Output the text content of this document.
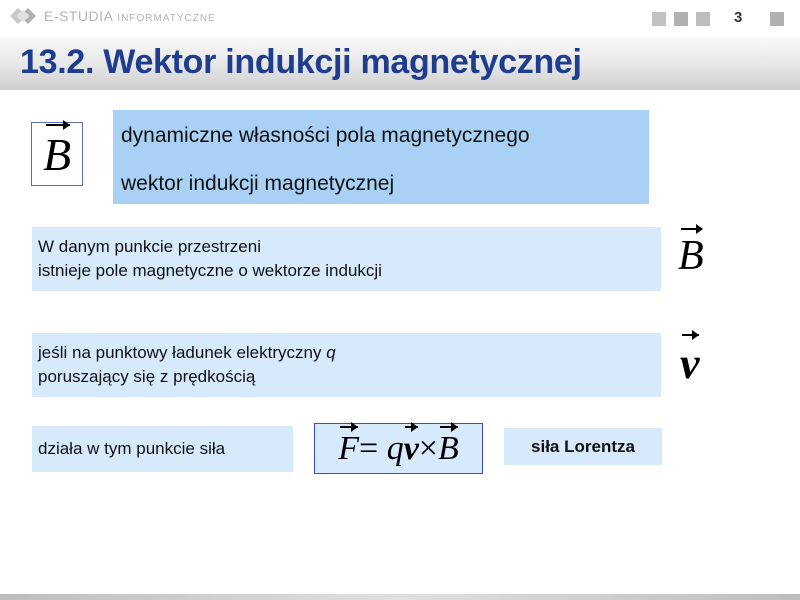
E-STUDIA INFORMATYCZNE	3
13.2. Wektor indukcji magnetycznej
B dynamiczne własności pola magnetycznego
wektor indukcji magnetycznej
W danym punkcie przestrzeni
istnieje pole magnetyczne o wektorze indukcji	B
jeśli na punktowy ładunek elektryczny q
poruszający się z prędkością	v
działa w tym punkcie siła	F= qv×B	siła Lorentza
